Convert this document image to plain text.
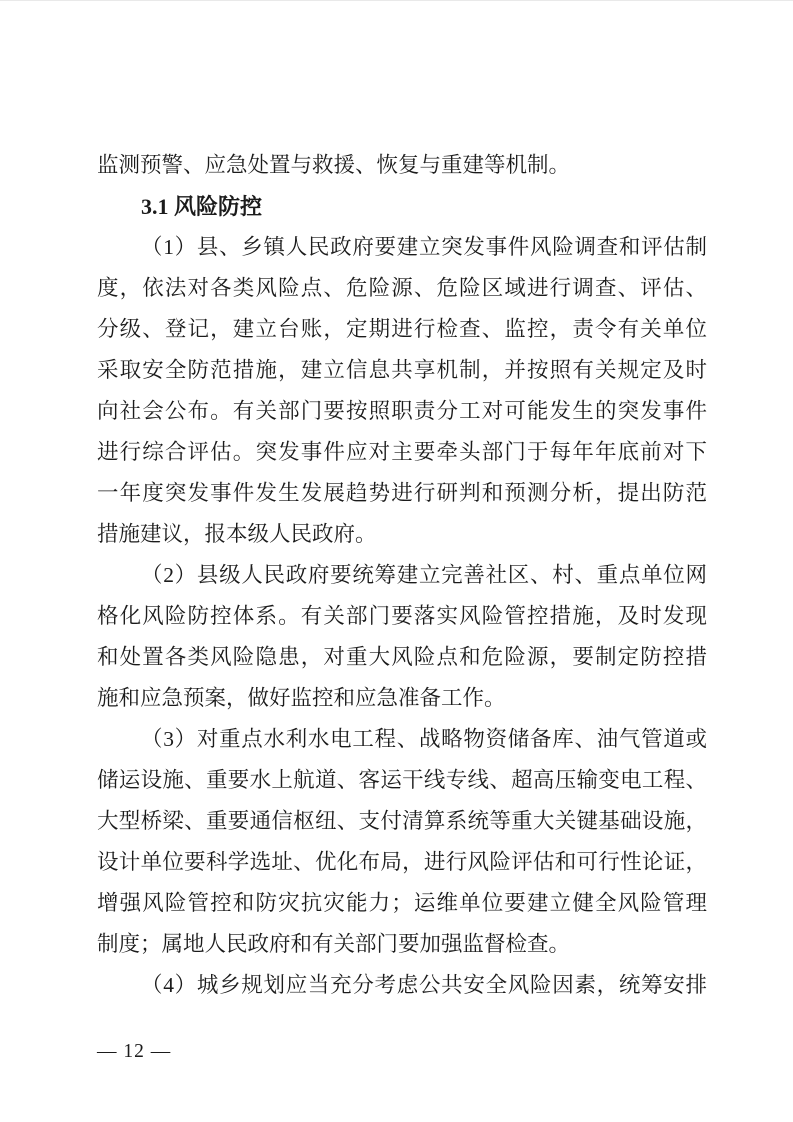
监测预警、应急处置与救援、恢复与重建等机制。
3.1 风险防控
（1）县、乡镇人民政府要建立突发事件风险调查和评估制
度，依法对各类风险点、危险源、危险区域进行调查、评估、
分级、登记，建立台账，定期进行检查、监控，责令有关单位
采取安全防范措施，建立信息共享机制，并按照有关规定及时
向社会公布。有关部门要按照职责分工对可能发生的突发事件
进行综合评估。突发事件应对主要牵头部门于每年年底前对下
一年度突发事件发生发展趋势进行研判和预测分析，提出防范
措施建议，报本级人民政府。
（2）县级人民政府要统筹建立完善社区、村、重点单位网
格化风险防控体系。有关部门要落实风险管控措施，及时发现
和处置各类风险隐患，对重大风险点和危险源，要制定防控措
施和应急预案，做好监控和应急准备工作。
（3）对重点水利水电工程、战略物资储备库、油气管道或
储运设施、重要水上航道、客运干线专线、超高压输变电工程、
大型桥梁、重要通信枢纽、支付清算系统等重大关键基础设施，
设计单位要科学选址、优化布局，进行风险评估和可行性论证，
增强风险管控和防灾抗灾能力；运维单位要建立健全风险管理
制度；属地人民政府和有关部门要加强监督检查。
（4）城乡规划应当充分考虑公共安全风险因素，统筹安排
— 12 —
